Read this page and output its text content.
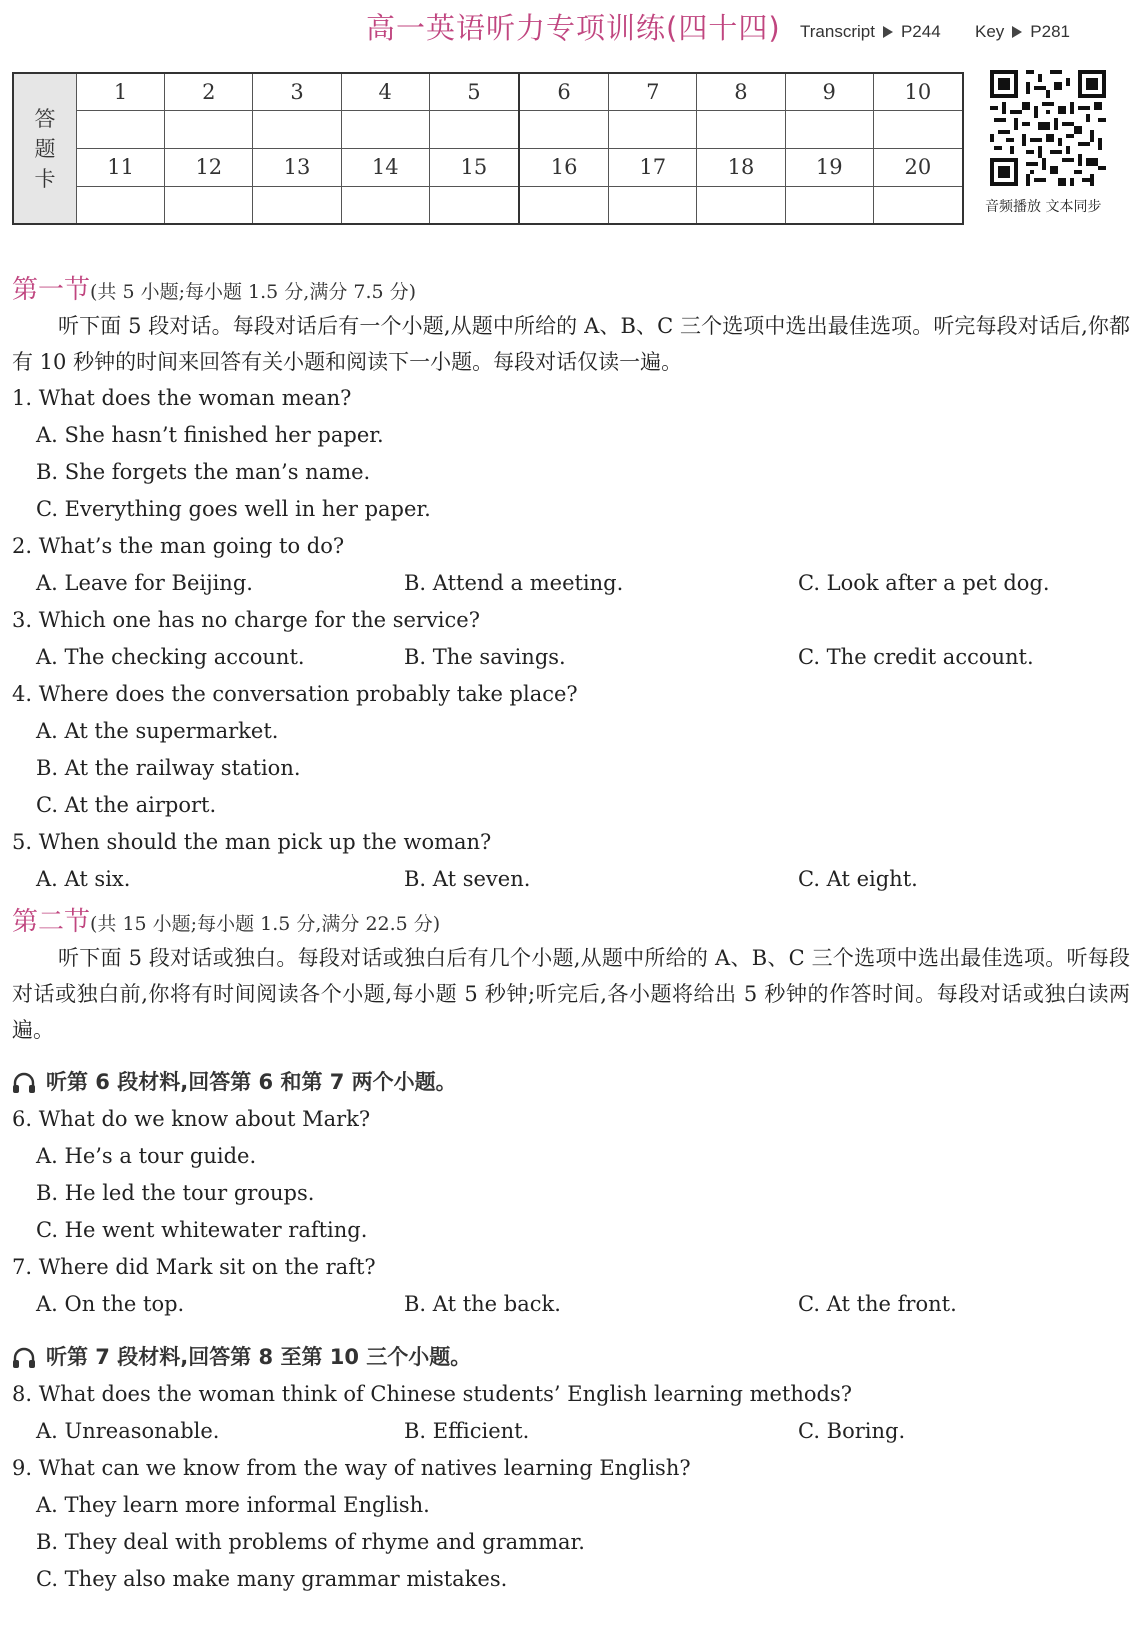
高一英语听力专项训练(四十四) Transcript P244 Key P281
答
题
卡	1	2	3	4	5	6	7	8	9	10

	11	12	13	14	15	16	17	18	19	20

音频播放 文本同步

第一节(共 5 小题;每小题 1.5 分,满分 7.5 分)

听下面 5 段对话。每段对话后有一个小题,从题中所给的 A、B、C 三个选项中选出最佳选项。听完每段对话后,你都有 10 秒钟的时间来回答有关小题和阅读下一小题。每段对话仅读一遍。

1. What does the woman mean?

A. She hasn’t finished her paper.

B. She forgets the man’s name.

C. Everything goes well in her paper.

2. What’s the man going to do?

A. Leave for Beijing.	B. Attend a meeting.	C. Look after a pet dog.

3. Which one has no charge for the service?

A. The checking account.	B. The savings.	C. The credit account.

4. Where does the conversation probably take place?

A. At the supermarket.

B. At the railway station.

C. At the airport.

5. When should the man pick up the woman?

A. At six.	B. At seven.	C. At eight.

第二节(共 15 小题;每小题 1.5 分,满分 22.5 分)

听下面 5 段对话或独白。每段对话或独白后有几个小题,从题中所给的 A、B、C 三个选项中选出最佳选项。听每段对话或独白前,你将有时间阅读各个小题,每小题 5 秒钟;听完后,各小题将给出 5 秒钟的作答时间。每段对话或独白读两遍。

听第 6 段材料,回答第 6 和第 7 两个小题。

6. What do we know about Mark?

A. He’s a tour guide.

B. He led the tour groups.

C. He went whitewater rafting.

7. Where did Mark sit on the raft?

A. On the top.	B. At the back.	C. At the front.

听第 7 段材料,回答第 8 至第 10 三个小题。

8. What does the woman think of Chinese students’ English learning methods?

A. Unreasonable.	B. Efficient.	C. Boring.

9. What can we know from the way of natives learning English?

A. They learn more informal English.

B. They deal with problems of rhyme and grammar.

C. They also make many grammar mistakes.
